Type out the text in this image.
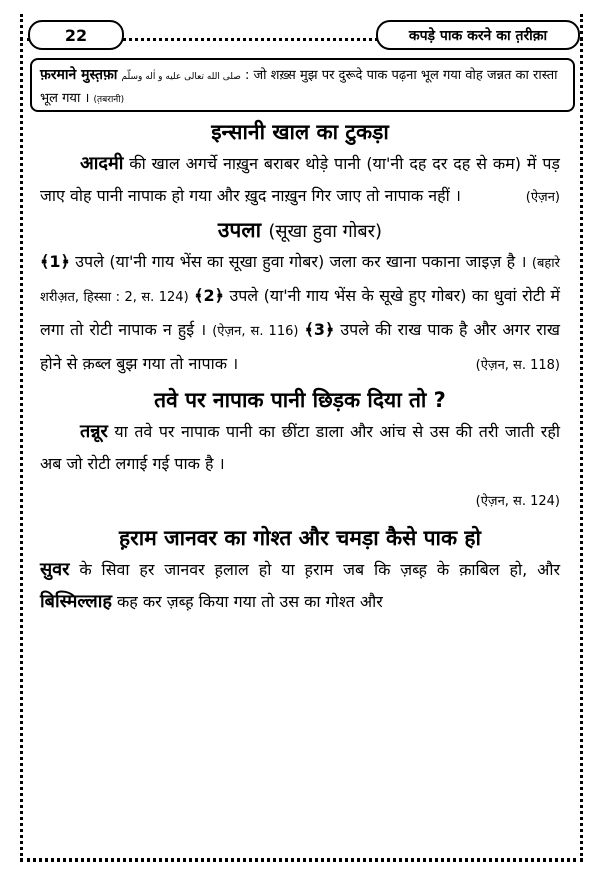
22	कपड़े पाक करने का त़रीक़ा
फ़रमाने मुस्त़फ़ा صلى الله تعالى عليه و اٰله وسلّم : जो शख़्स मुझ पर दुरूदे पाक पढ़ना भूल गया वोह जन्नत का रास्ता भूल गया । (त़बरानी)
इन्सानी खाल का टुकड़ा

आदमी की खाल अगर्चे नाख़ुन बराबर थोड़े पानी (या'नी दह दर दह से कम) में पड़ जाए वोह पानी नापाक हो गया और ख़ुद नाख़ुन गिर जाए तो नापाक नहीं ।	(ऐज़न)

उपला (सूखा हुवा गोबर)

﴾1﴿ उपले (या'नी गाय भेंस का सूखा हुवा गोबर) जला कर खाना पकाना जाइज़ है । (बहारे शरीअ़त, हिस्सा : 2, स. 124) ﴾2﴿ उपले (या'नी गाय भेंस के सूखे हुए गोबर) का धुवां रोटी में लगा तो रोटी नापाक न हुई । (ऐज़न, स. 116) ﴾3﴿ उपले की राख पाक है और अगर राख होने से क़ब्ल बुझ गया तो नापाक ।	(ऐज़न, स. 118)

तवे पर नापाक पानी छिड़क दिया तो ?

तन्नूर या तवे पर नापाक पानी का छींटा डाला और आंच से उस की तरी जाती रही अब जो रोटी लगाई गई पाक है ।

(ऐज़न, स. 124)

ह़राम जानवर का गोश्त और चमड़ा कैसे पाक हो

सुवर के सिवा हर जानवर ह़लाल हो या ह़राम जब कि ज़ब्ह़ के क़ाबिल हो, और बिस्मिल्लाह कह कर ज़ब्ह़ किया गया तो उस का गोश्त और
